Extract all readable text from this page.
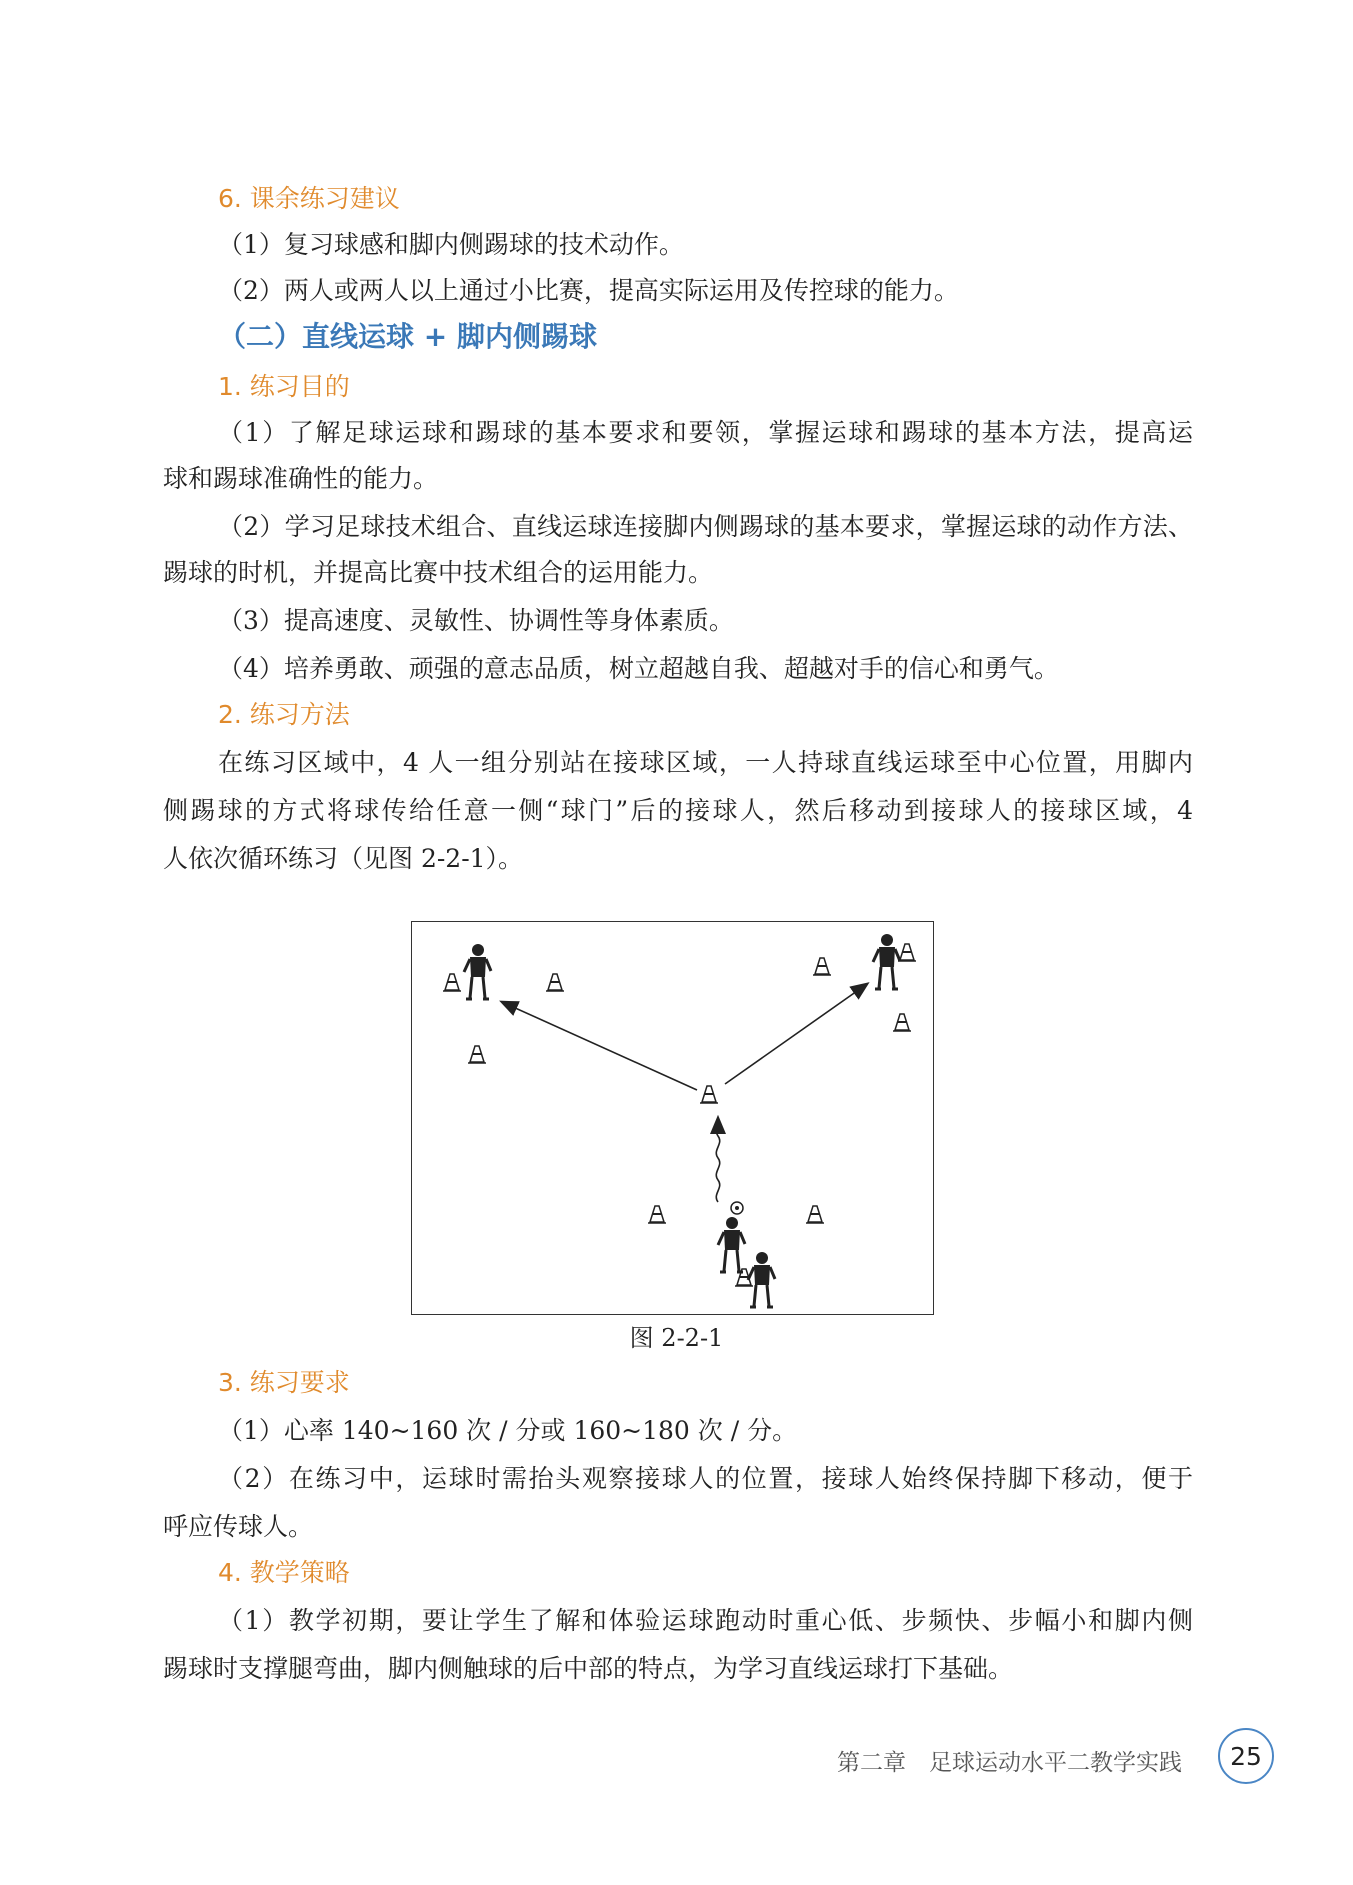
6. 课余练习建议
（1）复习球感和脚内侧踢球的技术动作。
（2）两人或两人以上通过小比赛，提高实际运用及传控球的能力。
（二）直线运球 + 脚内侧踢球
1. 练习目的
（1）了解足球运球和踢球的基本要求和要领，掌握运球和踢球的基本方法，提高运
球和踢球准确性的能力。
（2）学习足球技术组合、直线运球连接脚内侧踢球的基本要求，掌握运球的动作方法、
踢球的时机，并提高比赛中技术组合的运用能力。
（3）提高速度、灵敏性、协调性等身体素质。
（4）培养勇敢、顽强的意志品质，树立超越自我、超越对手的信心和勇气。
2. 练习方法
在练习区域中，4 人一组分别站在接球区域，一人持球直线运球至中心位置，用脚内
侧踢球的方式将球传给任意一侧“球门”后的接球人，然后移动到接球人的接球区域，4
人依次循环练习（见图 2-2-1）。
图 2-2-1
3. 练习要求
（1）心率 140~160 次 / 分或 160~180 次 / 分。
（2）在练习中，运球时需抬头观察接球人的位置，接球人始终保持脚下移动，便于
呼应传球人。
4. 教学策略
（1）教学初期，要让学生了解和体验运球跑动时重心低、步频快、步幅小和脚内侧
踢球时支撑腿弯曲，脚内侧触球的后中部的特点，为学习直线运球打下基础。
第二章　足球运动水平二教学实践	25
